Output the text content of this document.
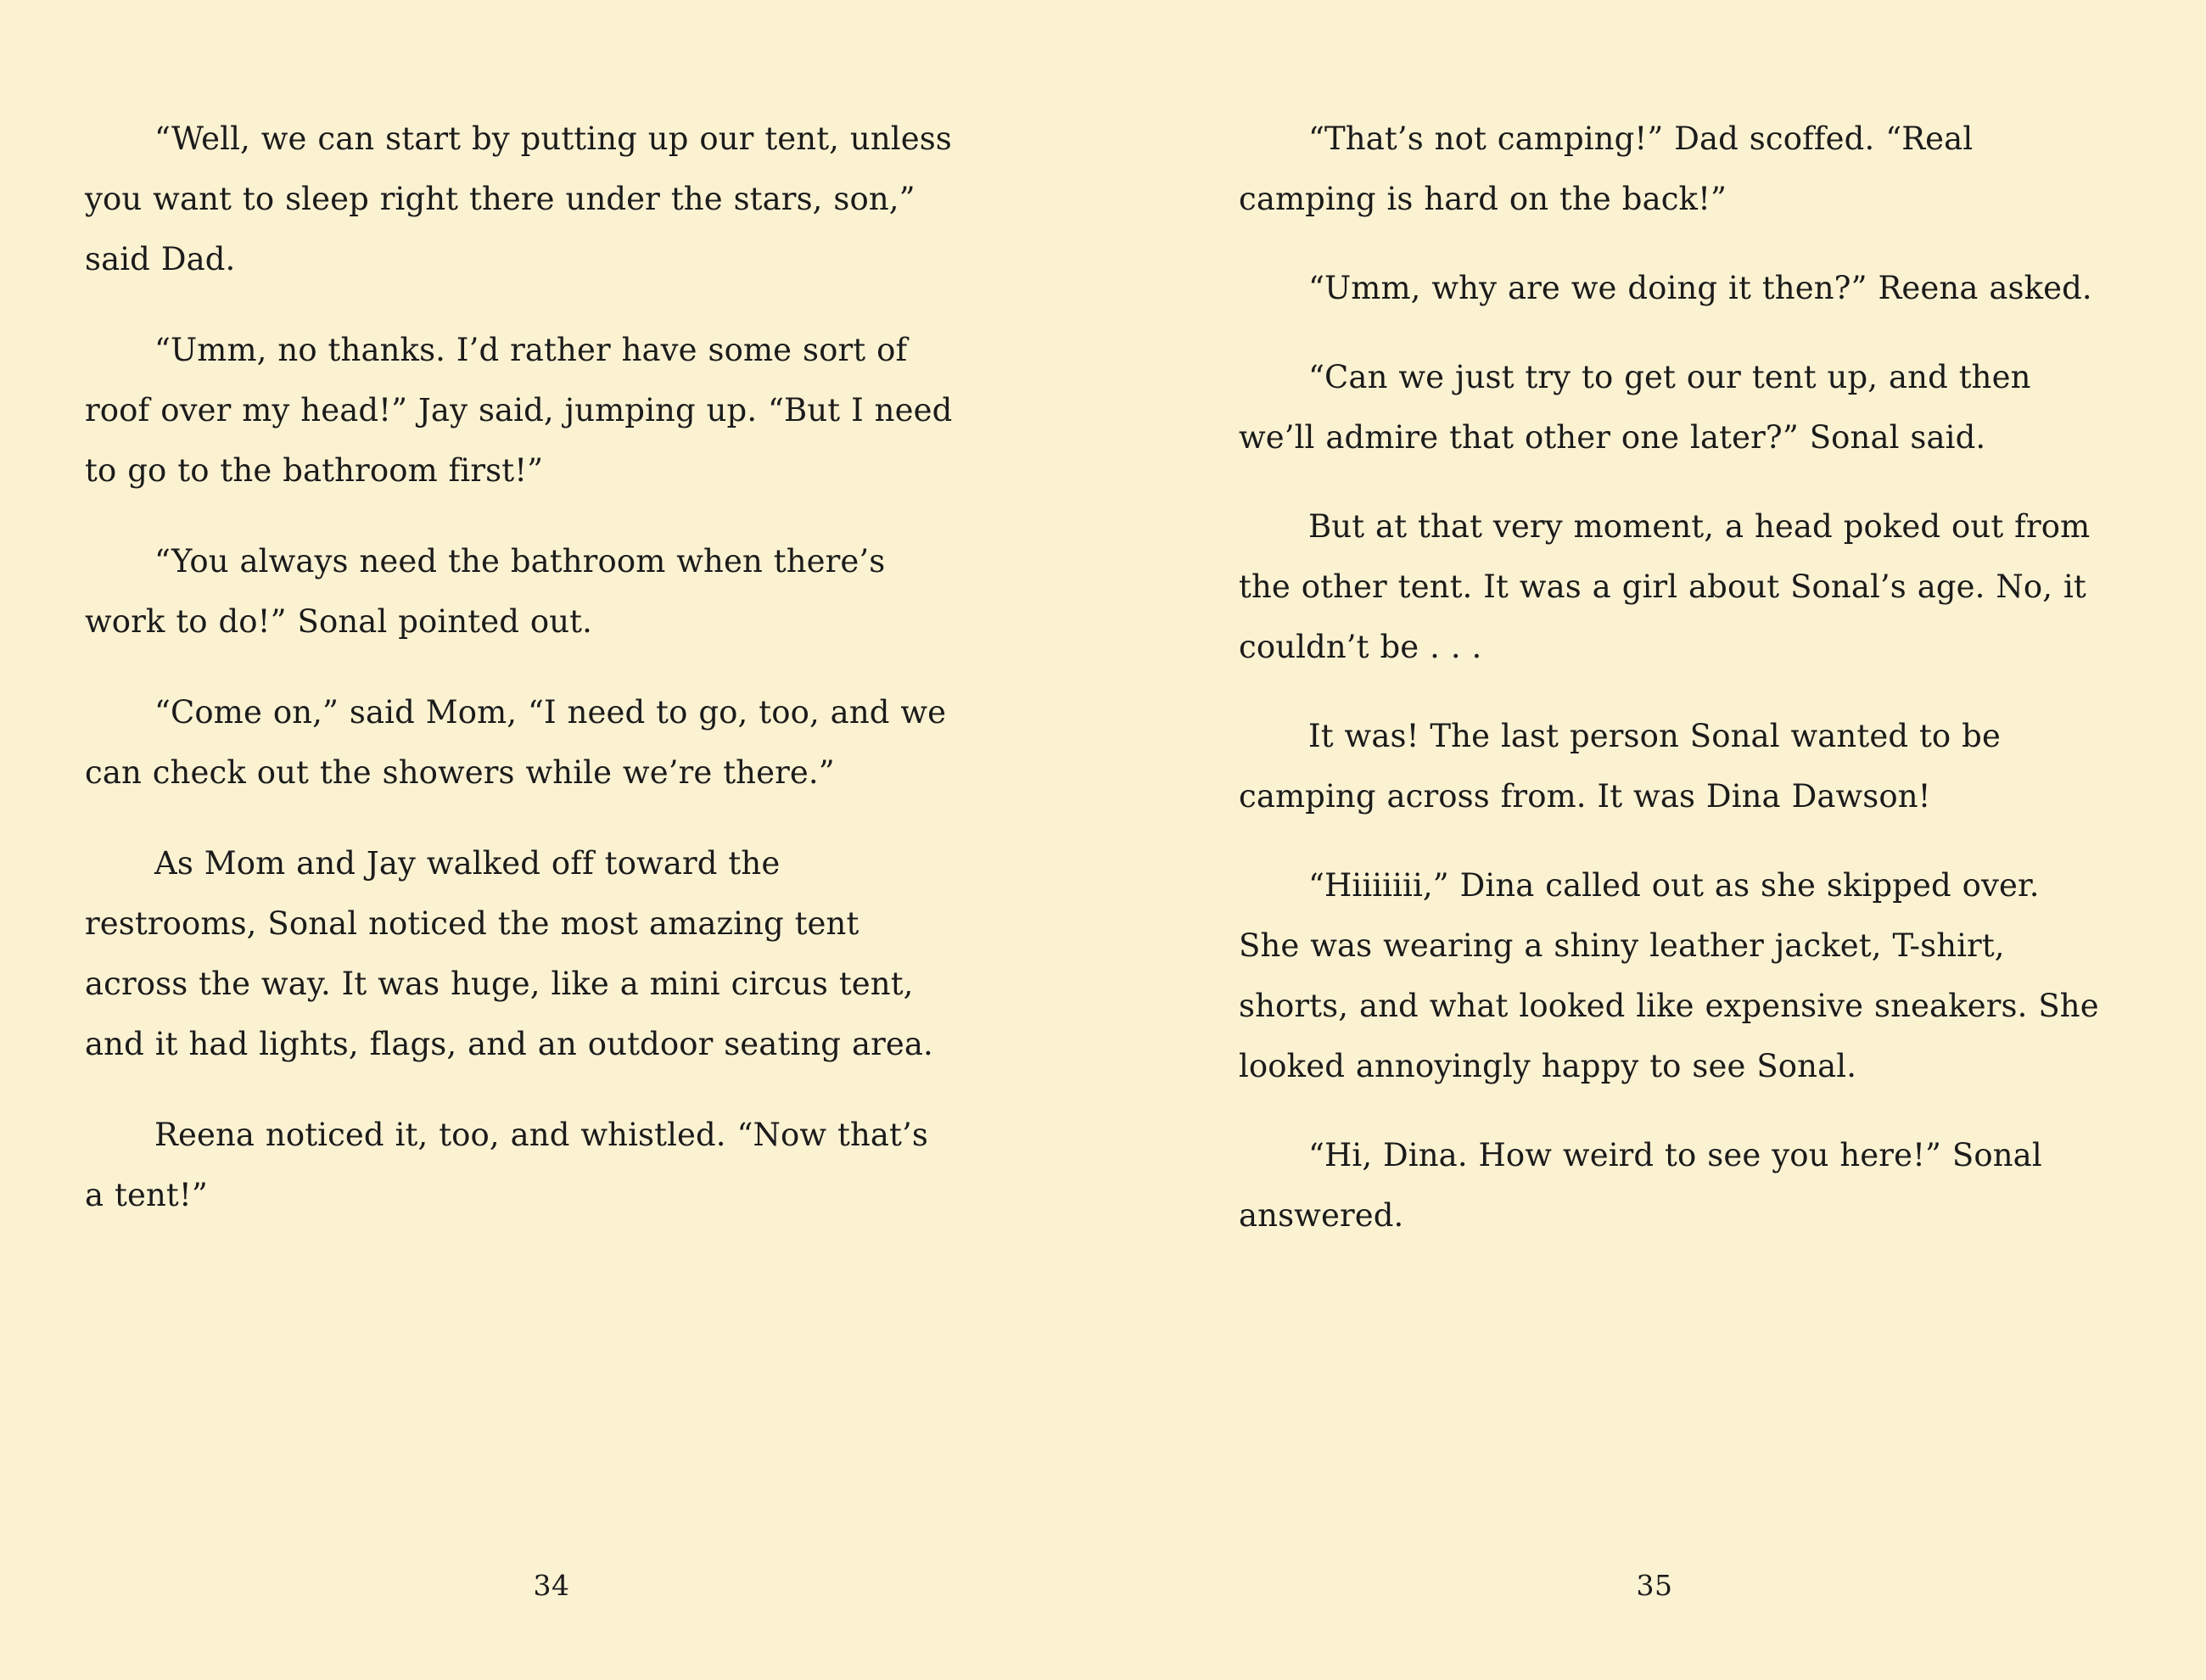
“Well, we can start by putting up our tent, unless you want to sleep right there under the stars, son,” said Dad.

“Umm, no thanks. I’d rather have some sort of roof over my head!” Jay said, jumping up. “But I need to go to the bathroom first!”

“You always need the bathroom when there’s work to do!” Sonal pointed out.

“Come on,” said Mom, “I need to go, too, and we can check out the showers while we’re there.”

As Mom and Jay walked off toward the restrooms, Sonal noticed the most amazing tent across the way. It was huge, like a mini circus tent, and it had lights, flags, and an outdoor seating area.

Reena noticed it, too, and whistled. “Now that’s a tent!”

34

“That’s not camping!” Dad scoffed. “Real camping is hard on the back!”

“Umm, why are we doing it then?” Reena asked.

“Can we just try to get our tent up, and then we’ll admire that other one later?” Sonal said.

But at that very moment, a head poked out from the other tent. It was a girl about Sonal’s age. No, it couldn’t be . . .

It was! The last person Sonal wanted to be camping across from. It was Dina Dawson!

“Hiiiiiii,” Dina called out as she skipped over. She was wearing a shiny leather jacket, T-shirt, shorts, and what looked like expensive sneakers. She looked annoyingly happy to see Sonal.

“Hi, Dina. How weird to see you here!” Sonal answered.

35
